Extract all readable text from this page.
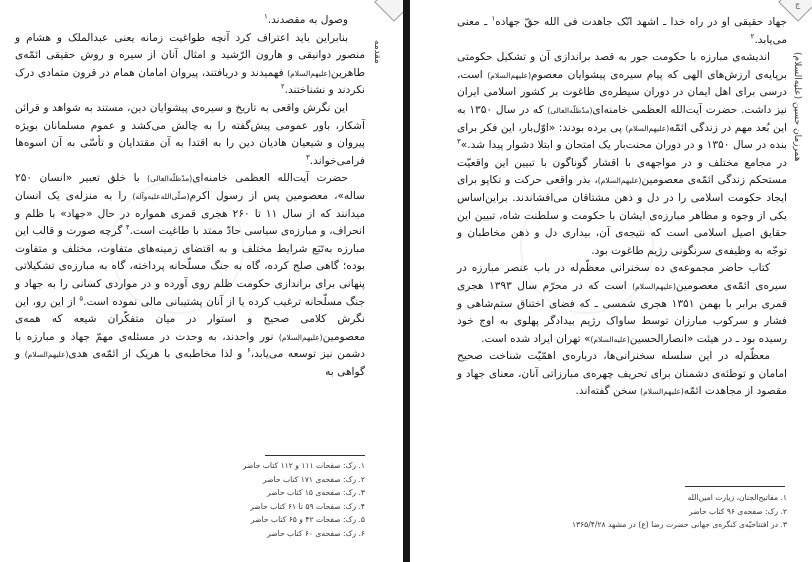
مقدمه

وصول به مقصدند.$^۱$

بنابراین باید اعتراف کرد آنچه طواغیت زمانه یعنی عبدالملک و هشام و منصور دوانیقی و هارون الرّشید و امثال آنان از سیره و روش حقیقی ائمّه‌ی طاهرین(علیهم‌السلام) فهمیدند و دریافتند، پیروان امامان همام در قرون متمادی درک نکردند و نشناختند.$^۲$

این نگرش واقعی به تاریخ و سیره‌ی پیشوایان دین، مستند به شواهد و قرائن آشکار، باور عمومی پیش‌گفته را به چالش می‌کشد و عموم مسلمانان بویژه پیروان و شیعیان هادیان دین را به اقتدا به آن مقتدایان و تأسّی به آن اسوه‌ها فرامی‌خواند.$^۳$

حضرت آیت‌الله العظمی خامنه‌ای(مدّظلّه‌العالی) با خلق تعبیر «انسان ۲۵۰ ساله»، معصومین پس از رسول اکرم(صلّی‌الله‌علیه‌وآله) را به منزله‌ی یک انسان میدانند که از سال ۱۱ تا ۲۶۰ هجری قمری همواره در حال «جهاد» با ظلم و انحراف، و مبارزه‌ی سیاسی حادّ ممتد با طاغیت است.$^۴$ گرچه صورت و قالب این مبارزه به‌تَبَع شرایط مختلف و به اقتضای زمینه‌های متفاوت، مختلف و متفاوت بوده؛ گاهی صلح کرده، گاه به جنگ مسلّحانه پرداخته، گاه به مبارزه‌ی تشکیلاتی پنهانی برای براندازی حکومت ظلم روی آورده و در مواردی کسانی را به جهاد و جنگ مسلّحانه ترغیب کرده یا از آنان پشتیبانی مالی نموده است.$^۵$ از این رو، این نگرش کلامی صحیح و استوار در میان متفکّران شیعه که همه‌ی معصومین(علیهم‌السلام) نور واحدند، به وحدت در مسئله‌ی مهمّ جهاد و مبارزه با دشمن نیز توسعه می‌یابد،$^۶$ و لذا مخاطبه‌ی با هریک از ائمّه‌ی هدی(علیهم‌السلام) و گواهی به

۱. رک: صفحات ۱۱۱ و ۱۱۲ کتاب حاضر
۲. رک: صفحه‌ی ۱۷۱ کتاب حاضر
۳. رک: صفحه‌ی ۱۵ کتاب حاضر
۴. رک: صفحات ۵۹ تا ۶۱ کتاب حاضر
۵. رک: صفحات ۴۲ و ۶۵ کتاب حاضر
۶. رک: صفحه‌ی ۶۰ کتاب حاضر
ج
همرزمان حسین (علیه‌السلام)

جهاد حقیقی او در راه خدا ـ اشهد انّک جاهدت فی الله حقّ جهاده$^۱$ ـ معنی می‌یابد.$^۲$

اندیشه‌ی مبارزه با حکومت جور به قصد براندازی آن و تشکیل حکومتی برپایه‌ی ارزش‌های الهی که پیام سیره‌ی پیشوایان معصوم(علیهم‌السلام) است، درسی برای اهل ایمان در دوران سیطره‌ی طاغوت بر کشور اسلامی ایران نیز داشت. حضرت آیت‌الله العظمی خامنه‌ای(مدّظلّه‌العالی) که در سال ۱۳۵۰ به این بُعد مهم در زندگی ائمّه(علیهم‌السلام) پی برده بودند: «اوّل‌بار، این فکر برای بنده در سال ۱۳۵۰ و در دوران محنت‌بار یک امتحان و ابتلا دشوار پیدا شد.»$^۳$ در مجامع مختلف و در مواجهه‌ی با اقشار گوناگون با تبیین این واقعیّت مستحکم زندگی ائمّه‌ی معصومین(علیهم‌السلام)، بذر واقعی حرکت و تکاپو برای ایجاد حکومت اسلامی را در دل و ذهن مشتاقان می‌افشاندند. براین‌اساس یکی از وجوه و مظاهر مبارزه‌ی ایشان با حکومت و سلطنت شاه، تبیین این حقایق اصیل اسلامی است که نتیجه‌ی آن، بیداری دل و ذهن مخاطبان و توجّه به وظیفه‌ی سرنگونی رژیم طاغوت بود.

کتاب حاضر مجموعه‌ی ده سخنرانی معظّم‌له در باب عنصر مبارزه در سیره‌ی ائمّه‌ی معصومین(علیهم‌السلام) است که در محرّم سال ۱۳۹۳ هجری قمری برابر با بهمن ۱۳۵۱ هجری شمسی ـ که فضای اختناق ستم‌شاهی و فشار و سرکوب مبارزان توسط ساواک رژیم بیدادگر پهلوی به اوج خود رسیده بود ـ در هیئت «انصارالحسین(علیه‌السلام)» تهران ایراد شده است.

معظّم‌له در این سلسله سخنرانی‌ها، درباره‌ی اهمّیّت شناخت صحیح امامان و توطئه‌ی دشمنان برای تحریف چهره‌ی مبارزاتی آنان، معنای جهاد و مقصود از مجاهدت ائمّه(علیهم‌السلام) سخن گفته‌اند.

۱. مفاتیح‌الجنان، زیارت امین‌الله
۲. رک: صفحه‌ی ۹۶ کتاب حاضر
۳. در افتتاحیّه‌ی کنگره‌ی جهانی حضرت رضا (ع) در مشهد ۱۳۶۵/۴/۲۸
